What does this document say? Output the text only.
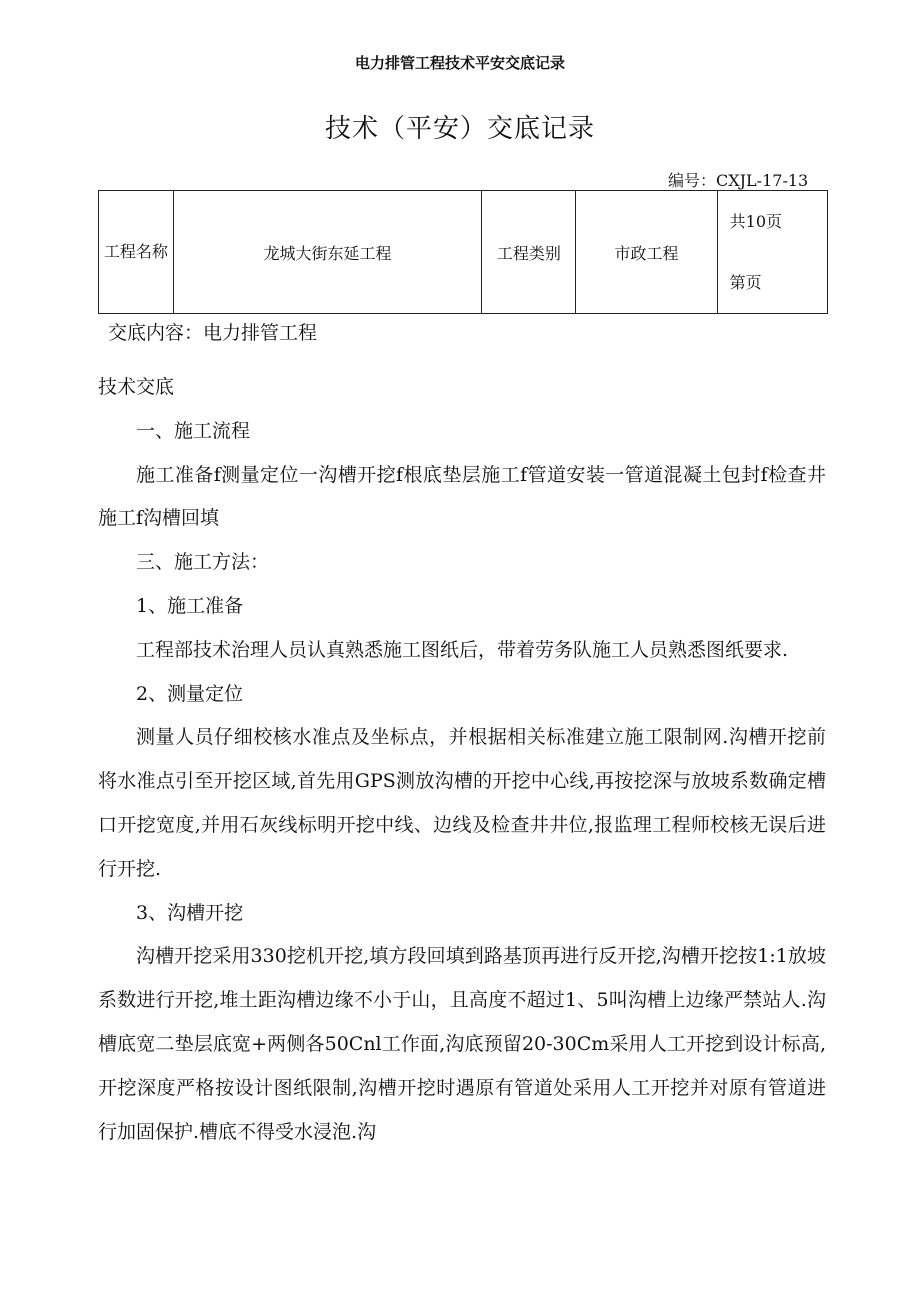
电力排管工程技术平安交底记录
技术（平安）交底记录
编号：CXJL-17-13
工程名称	龙城大街东延工程	工程类别	市政工程	
共10页
第页
交底内容：电力排管工程

技术交底

一、施工流程

施工准备f测量定位一沟槽开挖f根底垫层施工f管道安装一管道混凝土包封f检查井施工f沟槽回填

三、施工方法：

1、施工准备

工程部技术治理人员认真熟悉施工图纸后，带着劳务队施工人员熟悉图纸要求.

2、测量定位

测量人员仔细校核水准点及坐标点，并根据相关标准建立施工限制网.沟槽开挖前将水准点引至开挖区域,首先用GPS测放沟槽的开挖中心线,再按挖深与放坡系数确定槽口开挖宽度,并用石灰线标明开挖中线、边线及检查井井位,报监理工程师校核无误后进行开挖.

3、沟槽开挖

沟槽开挖采用330挖机开挖,填方段回填到路基顶再进行反开挖,沟槽开挖按1:1放坡系数进行开挖,堆土距沟槽边缘不小于山，且高度不超过1、5叫沟槽上边缘严禁站人.沟槽底宽二垫层底宽+两侧各50Cnl工作面,沟底预留20-30Cm采用人工开挖到设计标高,开挖深度严格按设计图纸限制,沟槽开挖时遇原有管道处采用人工开挖并对原有管道进行加固保护.槽底不得受水浸泡.沟
